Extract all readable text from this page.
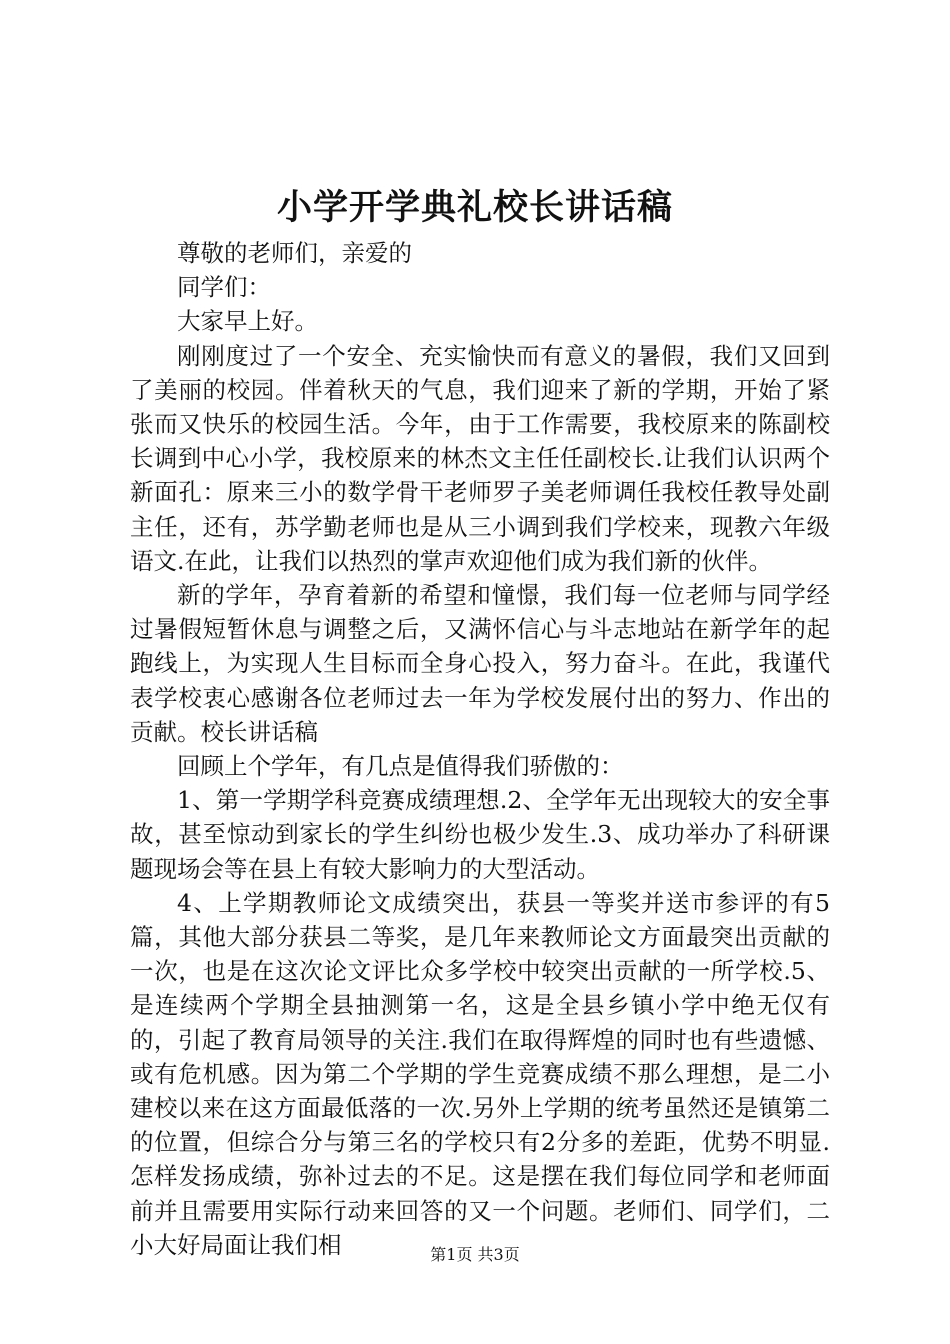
小学开学典礼校长讲话稿

尊敬的老师们，亲爱的

同学们：

大家早上好。

刚刚度过了一个安全、充实愉快而有意义的暑假，我们又回到了美丽的校园。伴着秋天的气息，我们迎来了新的学期，开始了紧张而又快乐的校园生活。今年，由于工作需要，我校原来的陈副校长调到中心小学，我校原来的林杰文主任任副校长.让我们认识两个新面孔：原来三小的数学骨干老师罗子美老师调任我校任教导处副主任，还有，苏学勤老师也是从三小调到我们学校来，现教六年级语文.在此，让我们以热烈的掌声欢迎他们成为我们新的伙伴。

新的学年，孕育着新的希望和憧憬，我们每一位老师与同学经过暑假短暂休息与调整之后，又满怀信心与斗志地站在新学年的起跑线上，为实现人生目标而全身心投入，努力奋斗。在此，我谨代表学校衷心感谢各位老师过去一年为学校发展付出的努力、作出的贡献。校长讲话稿

回顾上个学年，有几点是值得我们骄傲的：

1、第一学期学科竞赛成绩理想.2、全学年无出现较大的安全事故，甚至惊动到家长的学生纠纷也极少发生.3、成功举办了科研课题现场会等在县上有较大影响力的大型活动。

4、上学期教师论文成绩突出，获县一等奖并送市参评的有5篇，其他大部分获县二等奖，是几年来教师论文方面最突出贡献的一次，也是在这次论文评比众多学校中较突出贡献的一所学校.5、是连续两个学期全县抽测第一名，这是全县乡镇小学中绝无仅有的，引起了教育局领导的关注.我们在取得辉煌的同时也有些遗憾、或有危机感。因为第二个学期的学生竞赛成绩不那么理想，是二小建校以来在这方面最低落的一次.另外上学期的统考虽然还是镇第二的位置，但综合分与第三名的学校只有2分多的差距，优势不明显.怎样发扬成绩，弥补过去的不足。这是摆在我们每位同学和老师面前并且需要用实际行动来回答的又一个问题。老师们、同学们，二小大好局面让我们相	第1页 共3页
